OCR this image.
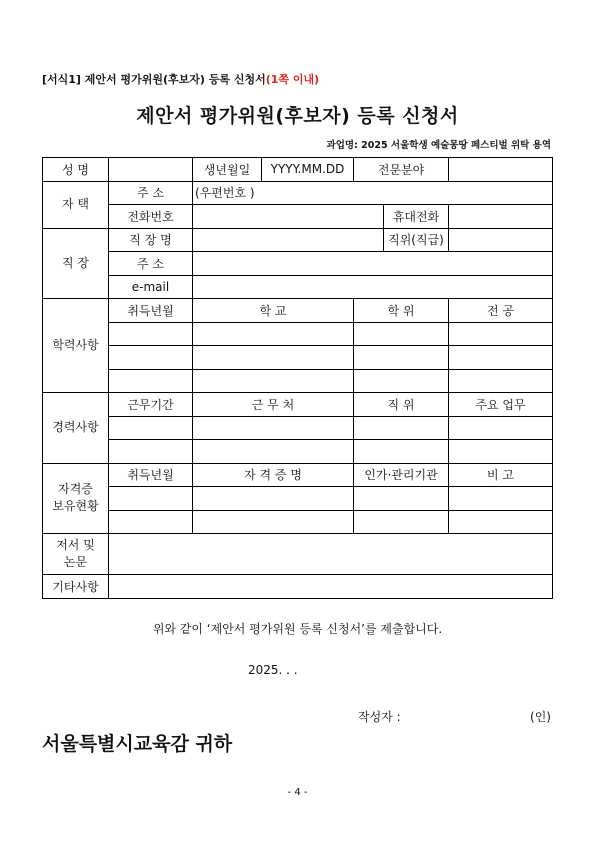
[서식1] 제안서 평가위원(후보자) 등록 신청서(1쪽 이내)
제안서 평가위원(후보자) 등록 신청서
과업명: 2025 서울학생 예술몽땅 페스티벌 위탁 용역
성 명		생년월일	YYYY.MM.DD	전문분야		
자 택	주 소	(우편번호 )				
	전화번호				휴대전화	
직 장	직 장 명				직위(직급)	
	주 소					
	e-mail					
학력사항	취득년월	학 교		학 위		전 공

경력사항	근무기간	근 무 처		직 위		주요 업무

자격증
보유현황	취득년월	자 격 증 명		인가·관리기관		비 고

저서 및
논문						

기타사항						
위와 같이 ‘제안서 평가위원 등록 신청서’를 제출합니다.
2025. . .
작성자 :	(인)
서울특별시교육감 귀하
- 4 -
